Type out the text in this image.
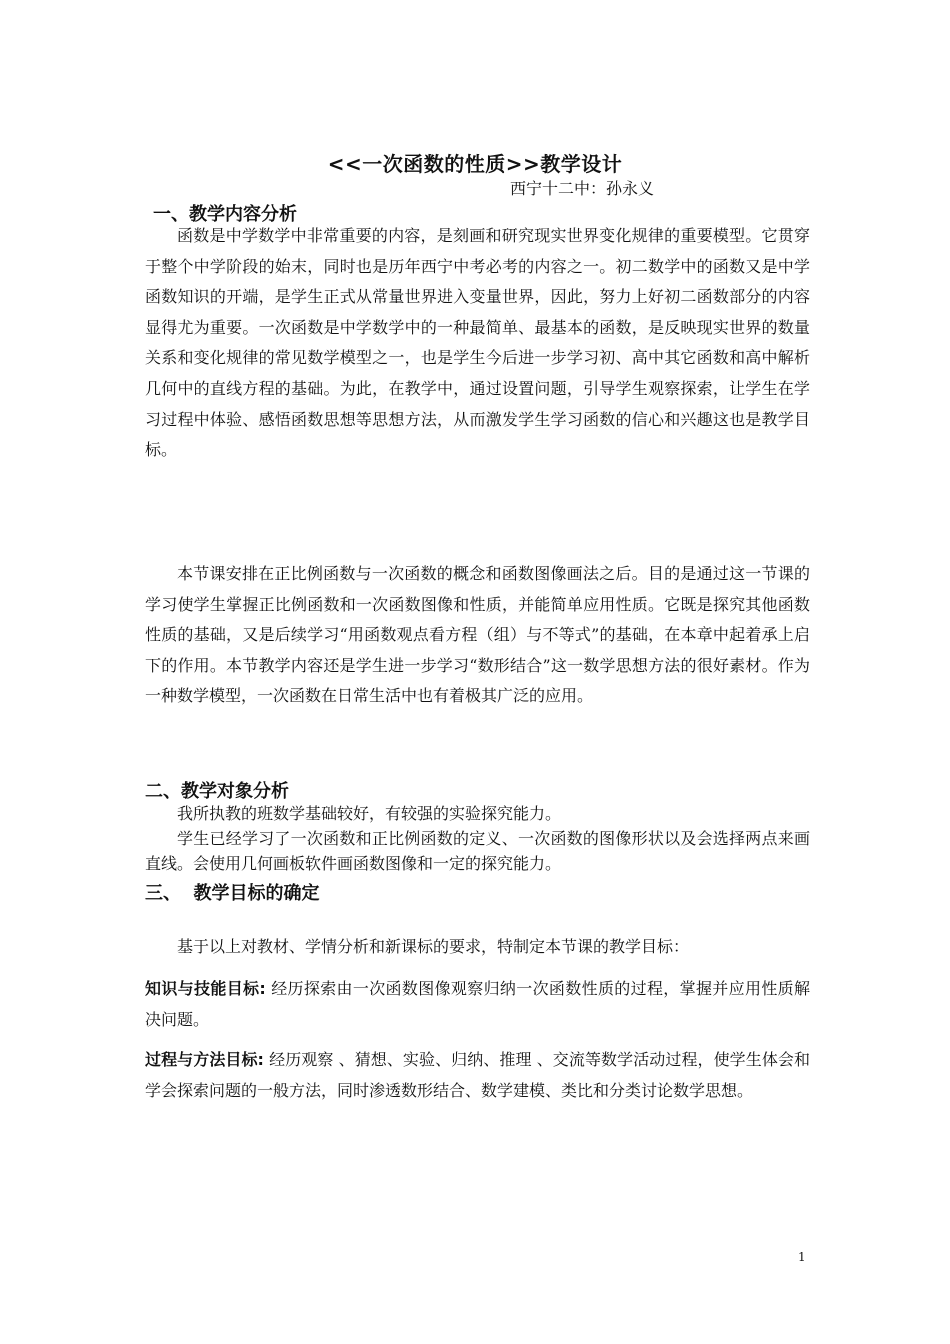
<<一次函数的性质>>教学设计
西宁十二中：孙永义
一、教学内容分析

函数是中学数学中非常重要的内容，是刻画和研究现实世界变化规律的重要模型。它贯穿于整个中学阶段的始末，同时也是历年西宁中考必考的内容之一。初二数学中的函数又是中学函数知识的开端，是学生正式从常量世界进入变量世界，因此，努力上好初二函数部分的内容显得尤为重要。一次函数是中学数学中的一种最简单、最基本的函数，是反映现实世界的数量关系和变化规律的常见数学模型之一，也是学生今后进一步学习初、高中其它函数和高中解析几何中的直线方程的基础。为此，在教学中，通过设置问题，引导学生观察探索，让学生在学习过程中体验、感悟函数思想等思想方法，从而激发学生学习函数的信心和兴趣这也是教学目标。

本节课安排在正比例函数与一次函数的概念和函数图像画法之后。目的是通过这一节课的学习使学生掌握正比例函数和一次函数图像和性质，并能简单应用性质。它既是探究其他函数性质的基础，又是后续学习“用函数观点看方程（组）与不等式”的基础，在本章中起着承上启下的作用。本节教学内容还是学生进一步学习“数形结合”这一数学思想方法的很好素材。作为一种数学模型，一次函数在日常生活中也有着极其广泛的应用。

二、教学对象分析

我所执教的班数学基础较好，有较强的实验探究能力。

学生已经学习了一次函数和正比例函数的定义、一次函数的图像形状以及会选择两点来画直线。会使用几何画板软件画函数图像和一定的探究能力。

三、  教学目标的确定

基于以上对教材、学情分析和新课标的要求，特制定本节课的教学目标：

知识与技能目标: 经历探索由一次函数图像观察归纳一次函数性质的过程，掌握并应用性质解决问题。

过程与方法目标: 经历观察 、猜想、实验、归纳、推理 、交流等数学活动过程，使学生体会和学会探索问题的一般方法，同时渗透数形结合、数学建模、类比和分类讨论数学思想。

1
